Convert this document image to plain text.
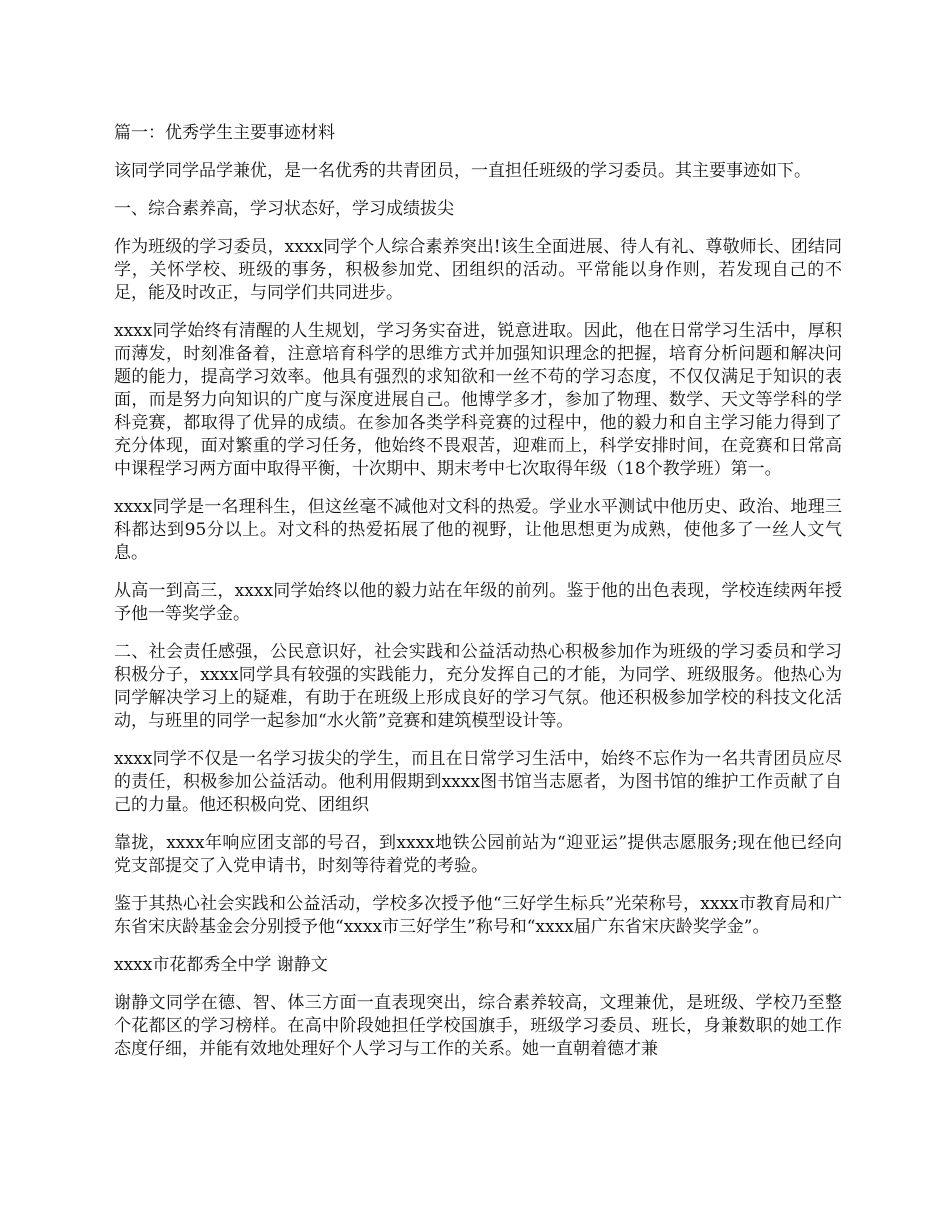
篇一：优秀学生主要事迹材料

该同学同学品学兼优，是一名优秀的共青团员，一直担任班级的学习委员。其主要事迹如下。

一、综合素养高，学习状态好，学习成绩拔尖

作为班级的学习委员，xxxx同学个人综合素养突出!该生全面进展、待人有礼、尊敬师长、团结同学，关怀学校、班级的事务，积极参加党、团组织的活动。平常能以身作则，若发现自己的不足，能及时改正，与同学们共同进步。

xxxx同学始终有清醒的人生规划，学习务实奋进，锐意进取。因此，他在日常学习生活中，厚积而薄发，时刻准备着，注意培育科学的思维方式并加强知识理念的把握，培育分析问题和解决问题的能力，提高学习效率。他具有强烈的求知欲和一丝不苟的学习态度，不仅仅满足于知识的表面，而是努力向知识的广度与深度进展自己。他博学多才，参加了物理、数学、天文等学科的学科竞赛，都取得了优异的成绩。在参加各类学科竞赛的过程中，他的毅力和自主学习能力得到了充分体现，面对繁重的学习任务，他始终不畏艰苦，迎难而上，科学安排时间，在竞赛和日常高中课程学习两方面中取得平衡，十次期中、期末考中七次取得年级（18个教学班）第一。

xxxx同学是一名理科生，但这丝毫不减他对文科的热爱。学业水平测试中他历史、政治、地理三科都达到95分以上。对文科的热爱拓展了他的视野，让他思想更为成熟，使他多了一丝人文气息。

从高一到高三，xxxx同学始终以他的毅力站在年级的前列。鉴于他的出色表现，学校连续两年授予他一等奖学金。

二、社会责任感强，公民意识好，社会实践和公益活动热心积极参加作为班级的学习委员和学习积极分子，xxxx同学具有较强的实践能力，充分发挥自己的才能，为同学、班级服务。他热心为同学解决学习上的疑难，有助于在班级上形成良好的学习气氛。他还积极参加学校的科技文化活动，与班里的同学一起参加“水火箭”竞赛和建筑模型设计等。

xxxx同学不仅是一名学习拔尖的学生，而且在日常学习生活中，始终不忘作为一名共青团员应尽的责任，积极参加公益活动。他利用假期到xxxx图书馆当志愿者，为图书馆的维护工作贡献了自己的力量。他还积极向党、团组织

靠拢，xxxx年响应团支部的号召，到xxxx地铁公园前站为“迎亚运”提供志愿服务;现在他已经向党支部提交了入党申请书，时刻等待着党的考验。

鉴于其热心社会实践和公益活动，学校多次授予他“三好学生标兵”光荣称号，xxxx市教育局和广东省宋庆龄基金会分别授予他“xxxx市三好学生”称号和“xxxx届广东省宋庆龄奖学金”。

xxxx市花都秀全中学 谢静文

谢静文同学在德、智、体三方面一直表现突出，综合素养较高，文理兼优，是班级、学校乃至整个花都区的学习榜样。在高中阶段她担任学校国旗手，班级学习委员、班长，身兼数职的她工作态度仔细，并能有效地处理好个人学习与工作的关系。她一直朝着德才兼
